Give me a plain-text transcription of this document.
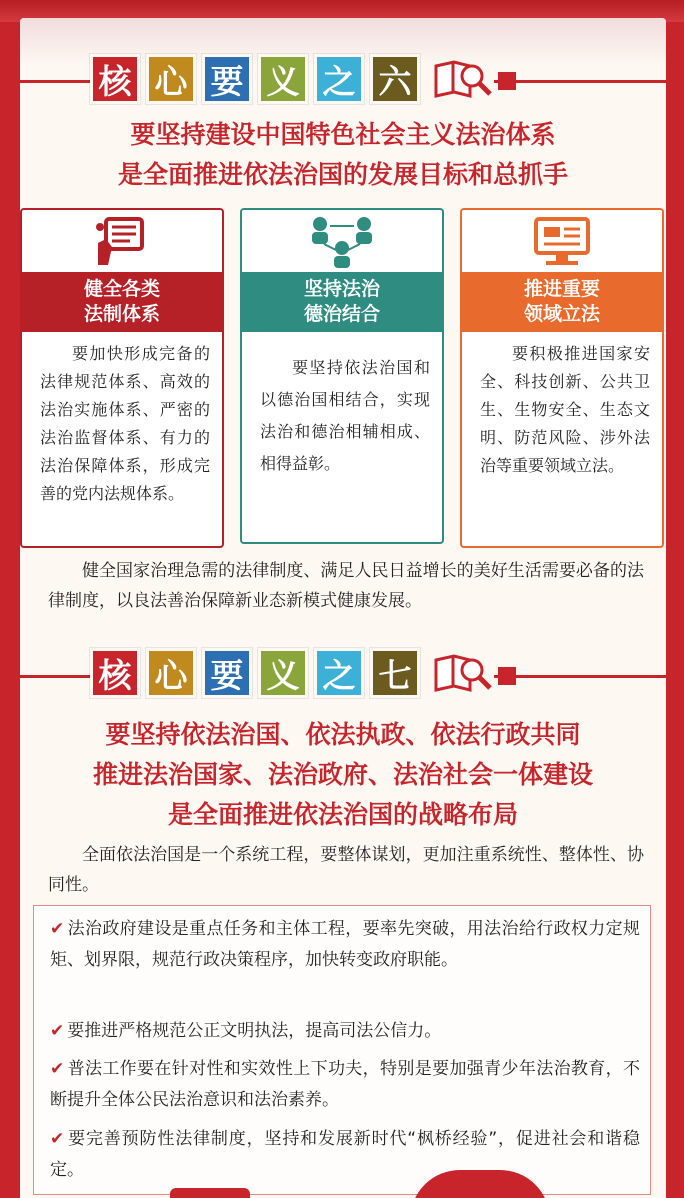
核 心 要 义 之 六
要坚持建设中国特色社会主义法治体系
是全面推进依法治国的发展目标和总抓手
健全各类
法制体系
要加快形成完备的法律规范体系、高效的法治实施体系、严密的法治监督体系、有力的法治保障体系，形成完善的党内法规体系。
坚持法治
德治结合
要坚持依法治国和以德治国相结合，实现法治和德治相辅相成、相得益彰。
推进重要
领域立法
要积极推进国家安全、科技创新、公共卫生、生物安全、生态文明、防范风险、涉外法治等重要领域立法。
健全国家治理急需的法律制度、满足人民日益增长的美好生活需要必备的法律制度，以良法善治保障新业态新模式健康发展。
核 心 要 义 之 七
要坚持依法治国、依法执政、依法行政共同
推进法治国家、法治政府、法治社会一体建设
是全面推进依法治国的战略布局
全面依法治国是一个系统工程，要整体谋划，更加注重系统性、整体性、协同性。
✔ 法治政府建设是重点任务和主体工程，要率先突破，用法治给行政权力定规矩、划界限，规范行政决策程序，加快转变政府职能。
✔ 要推进严格规范公正文明执法，提高司法公信力。
✔ 普法工作要在针对性和实效性上下功夫，特别是要加强青少年法治教育，不断提升全体公民法治意识和法治素养。
✔ 要完善预防性法律制度，坚持和发展新时代“枫桥经验”，促进社会和谐稳定。
